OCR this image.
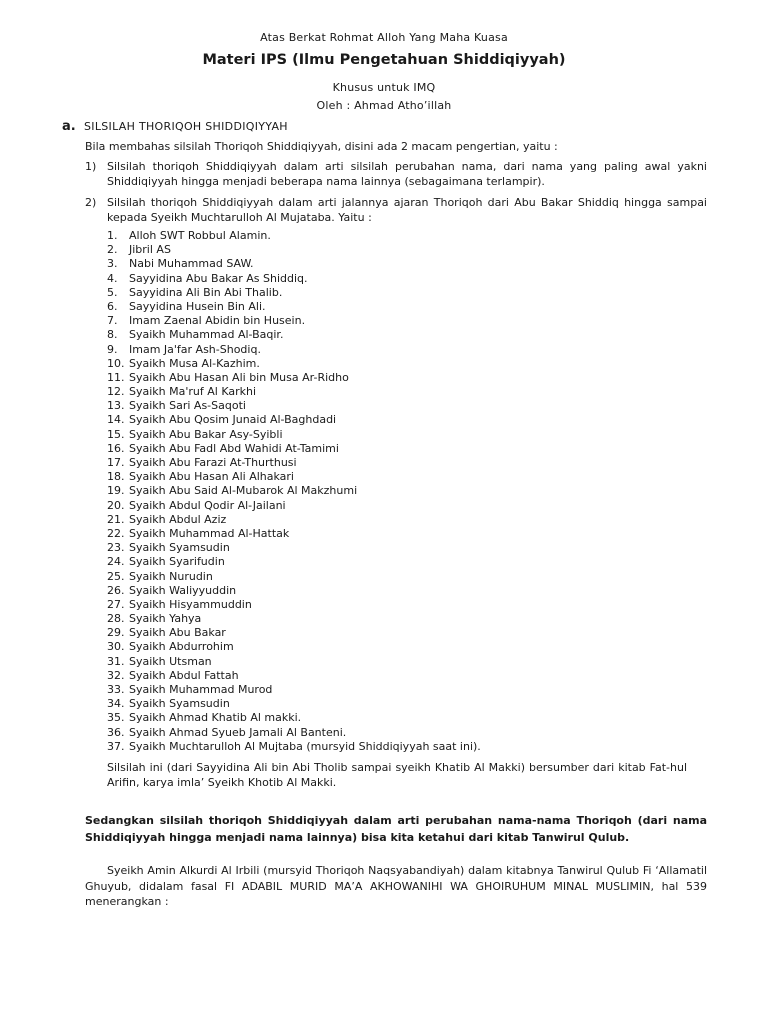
Atas Berkat Rohmat Alloh Yang Maha Kuasa
Materi IPS (Ilmu Pengetahuan Shiddiqiyyah)
Khusus untuk IMQ
Oleh : Ahmad Atho’illah
a. SILSILAH THORIQOH SHIDDIQIYYAH
Bila membahas silsilah Thoriqoh Shiddiqiyyah, disini ada 2 macam pengertian, yaitu :
1) Silsilah thoriqoh Shiddiqiyyah dalam arti silsilah perubahan nama, dari nama yang paling awal yakni Shiddiqiyyah hingga menjadi beberapa nama lainnya (sebagaimana terlampir).
2) Silsilah thoriqoh Shiddiqiyyah dalam arti jalannya ajaran Thoriqoh dari Abu Bakar Shiddiq hingga sampai kepada Syeikh Muchtarulloh Al Mujataba. Yaitu :
1.	Alloh SWT Robbul Alamin.
2.	Jibril AS
3.	Nabi Muhammad SAW.
4.	Sayyidina Abu Bakar As Shiddiq.
5.	Sayyidina Ali Bin Abi Thalib.
6.	Sayyidina Husein Bin Ali.
7.	Imam Zaenal Abidin bin Husein.
8.	Syaikh Muhammad Al-Baqir.
9.	Imam Ja'far Ash-Shodiq.
10. Syaikh Musa Al-Kazhim.
11. Syaikh Abu Hasan Ali bin Musa Ar-Ridho
12. Syaikh Ma'ruf Al Karkhi
13. Syaikh Sari As-Saqoti
14. Syaikh Abu Qosim Junaid Al-Baghdadi
15. Syaikh Abu Bakar Asy-Syibli
16. Syaikh Abu Fadl Abd Wahidi At-Tamimi
17. Syaikh Abu Farazi At-Thurthusi
18. Syaikh Abu Hasan Ali Alhakari
19. Syaikh Abu Said Al-Mubarok Al Makzhumi
20. Syaikh Abdul Qodir Al-Jailani
21. Syaikh Abdul Aziz
22. Syaikh Muhammad Al-Hattak
23. Syaikh Syamsudin
24. Syaikh Syarifudin
25. Syaikh Nurudin
26. Syaikh Waliyyuddin
27. Syaikh Hisyammuddin
28. Syaikh Yahya
29. Syaikh Abu Bakar
30. Syaikh Abdurrohim
31. Syaikh Utsman
32. Syaikh Abdul Fattah
33. Syaikh Muhammad Murod
34. Syaikh Syamsudin
35. Syaikh Ahmad Khatib Al makki.
36. Syaikh Ahmad Syueb Jamali Al Banteni.
37. Syaikh Muchtarulloh Al Mujtaba (mursyid Shiddiqiyyah saat ini).
Silsilah ini (dari Sayyidina Ali bin Abi Tholib sampai syeikh Khatib Al Makki) bersumber dari kitab Fat-hul Arifin, karya imla’ Syeikh Khotib Al Makki.
Sedangkan silsilah thoriqoh Shiddiqiyyah dalam arti perubahan nama-nama Thoriqoh (dari nama Shiddiqiyyah hingga menjadi nama lainnya) bisa kita ketahui dari kitab Tanwirul Qulub.
Syeikh Amin Alkurdi Al Irbili (mursyid Thoriqoh Naqsyabandiyah) dalam kitabnya Tanwirul Qulub Fi ‘Allamatil Ghuyub, didalam fasal FI ADABIL MURID MA’A AKHOWANIHI WA GHOIRUHUM MINAL MUSLIMIN, hal 539 menerangkan :
